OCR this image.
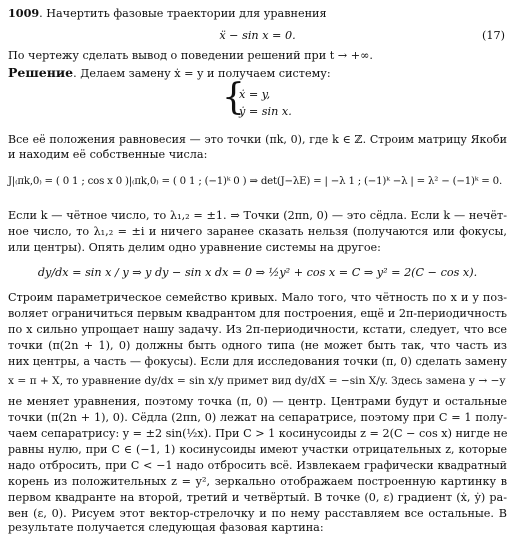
1009. Начертить фазовые траектории для уравнения
ẍ − sin x = 0.	(17)
По чертежу сделать вывод о поведении решений при t → +∞.
Решение. Делаем замену ẋ = y и получаем систему:
{
ẋ = y,
ẏ = sin x.
Все её положения равновесия — это точки (πk, 0), где k ∈ ℤ. Строим матрицу Якоби
и находим её собственные числа:
J|₍πk,0₎ = ( 0 1 ; cos x 0 )|₍πk,0₎ = ( 0 1 ; (−1)ᵏ 0 ) ⇒ det(J−λE) = | −λ 1 ; (−1)ᵏ −λ | = λ² − (−1)ᵏ = 0.
Если k — чётное число, то λ₁,₂ = ±1. ⇒ Точки (2πn, 0) — это сёдла. Если k — нечёт-
ное число, то λ₁,₂ = ±i и ничего заранее сказать нельзя (получаются или фокусы,
или центры). Опять делим одно уравнение системы на другое:
dy/dx = sin x / y ⇒ y dy − sin x dx = 0 ⇒ ½y² + cos x = C ⇒ y² = 2(C − cos x).
Строим параметрическое семейство кривых. Мало того, что чётность по x и y поз-
воляет ограничиться первым квадрантом для построения, ещё и 2π-периодичность
по x сильно упрощает нашу задачу. Из 2π-периодичности, кстати, следует, что все
точки (π(2n + 1), 0) должны быть одного типа (не может быть так, что часть из
них центры, а часть — фокусы). Если для исследования точки (π, 0) сделать замену
x = π + X, то уравнение dy/dx = sin x/y примет вид dy/dX = −sin X/y. Здесь замена y → −y
не меняет уравнения, поэтому точка (π, 0) — центр. Центрами будут и остальные
точки (π(2n + 1), 0). Сёдла (2πn, 0) лежат на сепаратрисе, поэтому при C = 1 полу-
чаем сепаратрису: y = ±2 sin(½x). При C > 1 косинусоиды z = 2(C − cos x) нигде не
равны нулю, при C ∈ (−1, 1) косинусоиды имеют участки отрицательных z, которые
надо отбросить, при C < −1 надо отбросить всё. Извлекаем графически квадратный
корень из положительных z = y², зеркально отображаем построенную картинку в
первом квадранте на второй, третий и четвёртый. В точке (0, ε) градиент (ẋ, ẏ) ра-
вен (ε, 0). Рисуем этот вектор-стрелочку и по нему расставляем все остальные. В
результате получается следующая фазовая картина:
